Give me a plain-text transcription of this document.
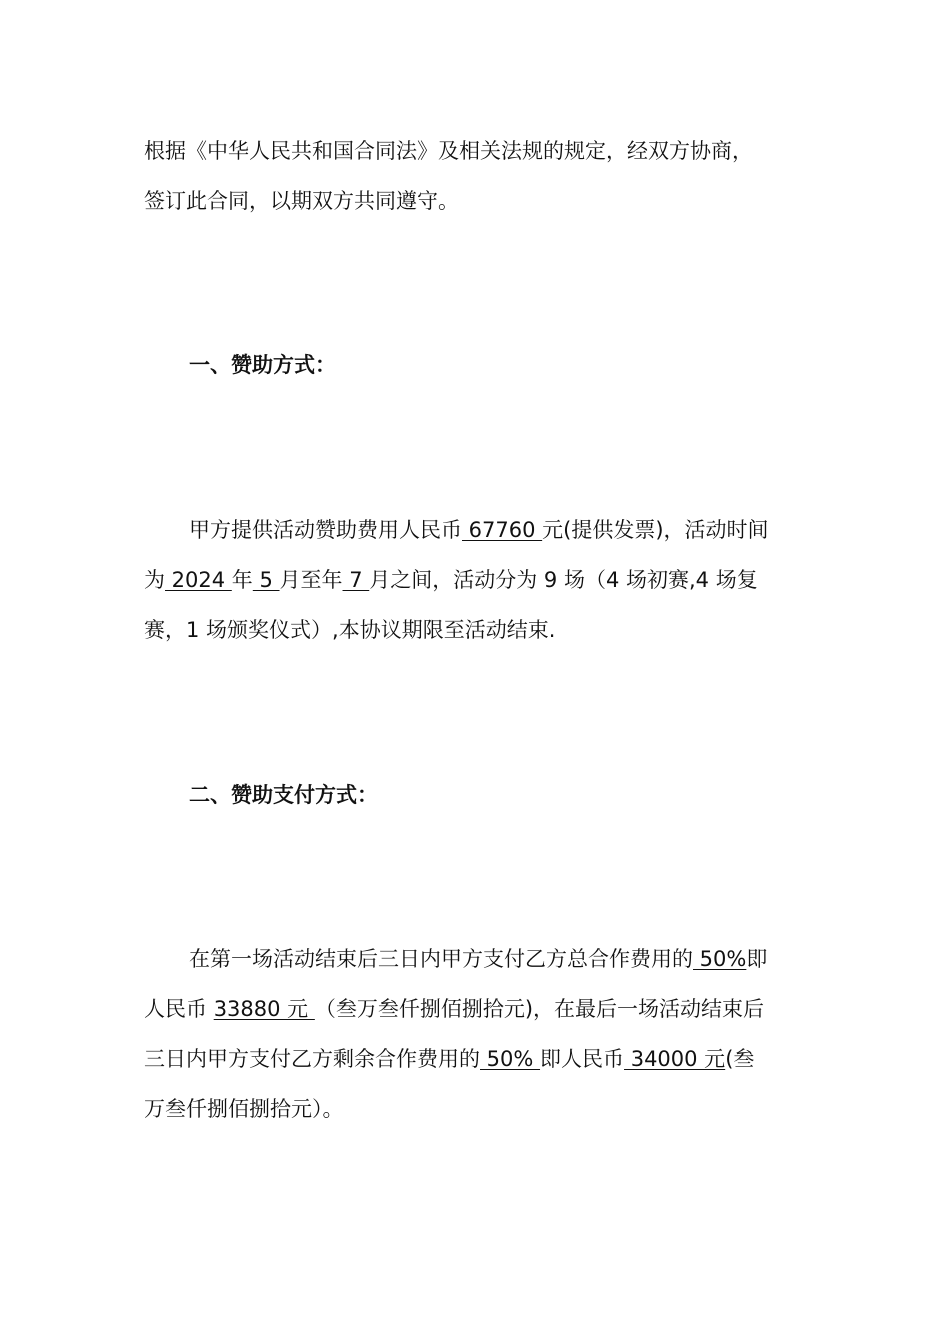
根据《中华人民共和国合同法》及相关法规的规定，经双方协商，
签订此合同，以期双方共同遵守。
一、赞助方式：
甲方提供活动赞助费用人民币 67760 元(提供发票)，活动时间
为 2024 年 5 月至年 7 月之间，活动分为 9 场（4 场初赛,4 场复
赛，1 场颁奖仪式）,本协议期限至活动结束.
二、赞助支付方式：
在第一场活动结束后三日内甲方支付乙方总合作费用的 50%即
人民币 33880 元 （叁万叁仟捌佰捌拾元)，在最后一场活动结束后
三日内甲方支付乙方剩余合作费用的 50% 即人民币 34000 元(叁
万叁仟捌佰捌拾元）。
